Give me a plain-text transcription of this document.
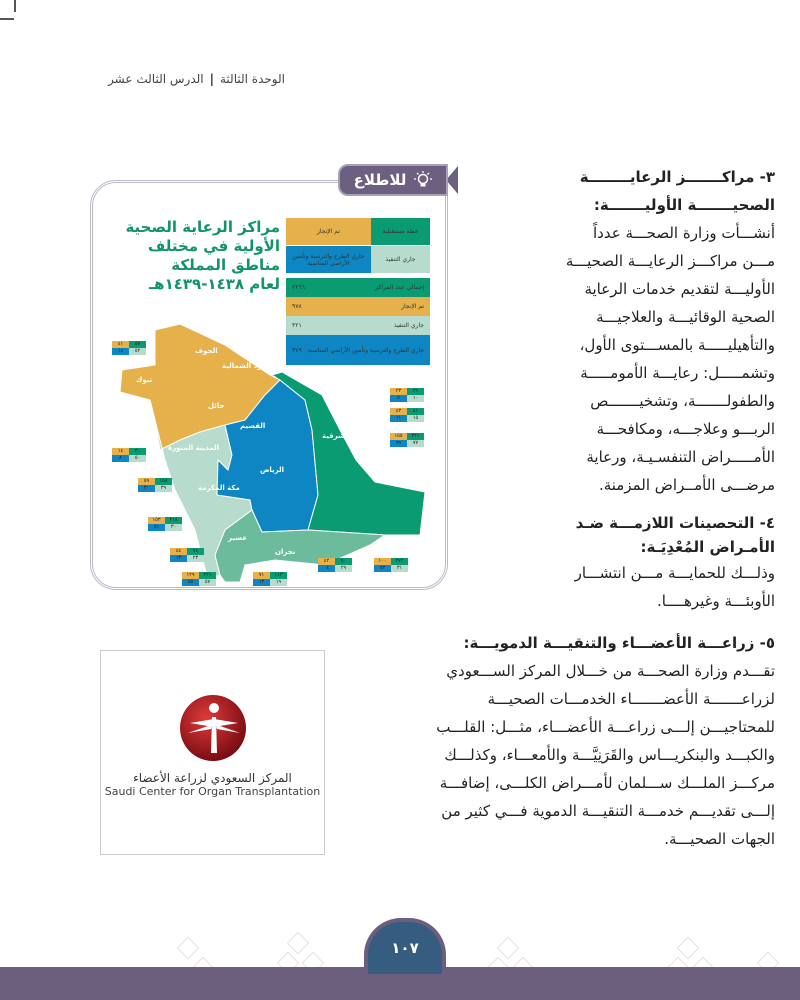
الوحدة الثالثة|الدرس الثالث عشر
للاطلاع
مراكز الرعاية الصحية
الأولية في مختلف
مناطق المملكة
لعام ١٤٣٨-١٤٣٩هـ
تم الإنجاز	خطة مستقبلية
جاري الطرح والترسية وتأمين الأراضي المناسبة	جاري التنفيذ
إجمالي عدد المراكز
٢٢٦٦
تم الإنجاز
٩٧٨
جاري التنفيذ
٣٢١
جاري الطرح والترسية وتأمين الأراضي المناسبة
٣٧٩
الجوف
الحدود الشمالية
تبوك
حائل
القصيم
المدينة المنورة
الرياض
المنطقة الشرقية
مكة المكرمة
عسير
نجران
٥٧
٤١
٥٢
١٤
٣٩
٢٣
١٠
٥
٨١
٤٣
١٥
١١
٢٢١
١٥٥
٧٧
٩٩
٣٠
١٤
٥٠
٨
١٥٨
٥٩
٣٩
٣٠
٢١٨
١٥٣
٣٠
٥١
٧٤
٤٤
٢٣
١٣
٢٢١
١٢٩
٥٧
٥٥
١١٣
٧١
١٩
١٣
٥٠
٤٢
٢٩
٠٤
٢٧٢
١٠٠
٣١
٥٣
٣- مراكـــــــز الرعايــــــــة
الصحيـــــــة الأوليـــــــة:
أنشـــأت وزارة الصحـــة عدداً
مـــن مراكـــز الرعايـــة الصحيـــة
الأوليـــة لتقديم خدمات الرعاية
الصحية الوقائيـــة والعلاجيـــة
والتأهيليـــــة بالمســـتوى الأول،
وتشمـــــل: رعايـــة الأمومـــــة
والطفولـــــــة، وتشخيـــــــص
الربـــو وعلاجـــه، ومكافحـــة
الأمـــــراض التنفسـيـة، ورعاية
مرضـــى الأمــراض المزمنة.
٤- التحصينات اللازمـــة ضـد
الأمـراض المُعْدِيَـة:
وذلـــك للحمايـــة مـــن انتشـــار
الأوبئـــة وغيرهــــا.
٥- زراعـــة الأعضـــاء والتنقيـــة الدمويـــة:
تقـــدم وزارة الصحـــة من خـــلال المركز الســـعودي
لزراعـــــــة الأعضـــــــاء الخدمـــات الصحيـــة
للمحتاجيـــن إلـــى زراعـــة الأعضـــاء، مثـــل: القلـــب
والكبـــد والبنكريـــاس والقَرَنِيَّـــة والأمعـــاء، وكذلـــك
مركـــز الملـــك ســـلمان لأمـــراض الكلـــى، إضافـــة
إلـــى تقديـــم خدمـــة التنقيـــة الدموية فـــي كثير من
الجهات الصحيـــة.
المركز السعودي لزراعة الأعضاء
Saudi Center for Organ Transplantation
١٠٧
